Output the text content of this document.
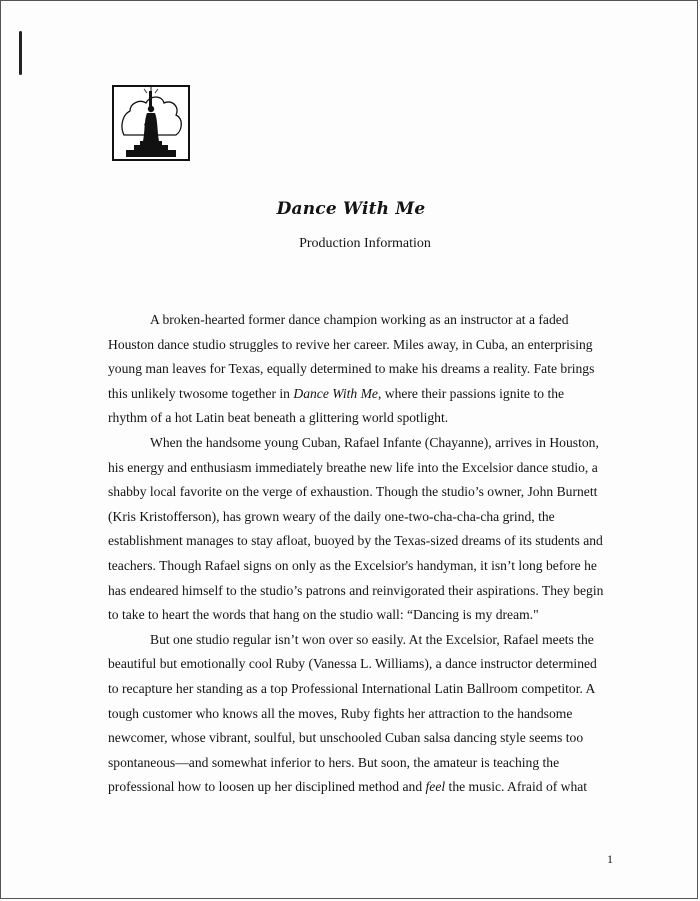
Dance With Me
Production Information

A broken-hearted former dance champion working as an instructor at a faded
Houston dance studio struggles to revive her career. Miles away, in Cuba, an enterprising
young man leaves for Texas, equally determined to make his dreams a reality. Fate brings
this unlikely twosome together in Dance With Me, where their passions ignite to the
rhythm of a hot Latin beat beneath a glittering world spotlight.

When the handsome young Cuban, Rafael Infante (Chayanne), arrives in Houston,
his energy and enthusiasm immediately breathe new life into the Excelsior dance studio, a
shabby local favorite on the verge of exhaustion. Though the studio’s owner, John Burnett
(Kris Kristofferson), has grown weary of the daily one-two-cha-cha-cha grind, the
establishment manages to stay afloat, buoyed by the Texas-sized dreams of its students and
teachers. Though Rafael signs on only as the Excelsior's handyman, it isn’t long before he
has endeared himself to the studio’s patrons and reinvigorated their aspirations. They begin
to take to heart the words that hang on the studio wall: “Dancing is my dream."

But one studio regular isn’t won over so easily. At the Excelsior, Rafael meets the
beautiful but emotionally cool Ruby (Vanessa L. Williams), a dance instructor determined
to recapture her standing as a top Professional International Latin Ballroom competitor. A
tough customer who knows all the moves, Ruby fights her attraction to the handsome
newcomer, whose vibrant, soulful, but unschooled Cuban salsa dancing style seems too
spontaneous—and somewhat inferior to hers. But soon, the amateur is teaching the
professional how to loosen up her disciplined method and feel the music. Afraid of what

1
